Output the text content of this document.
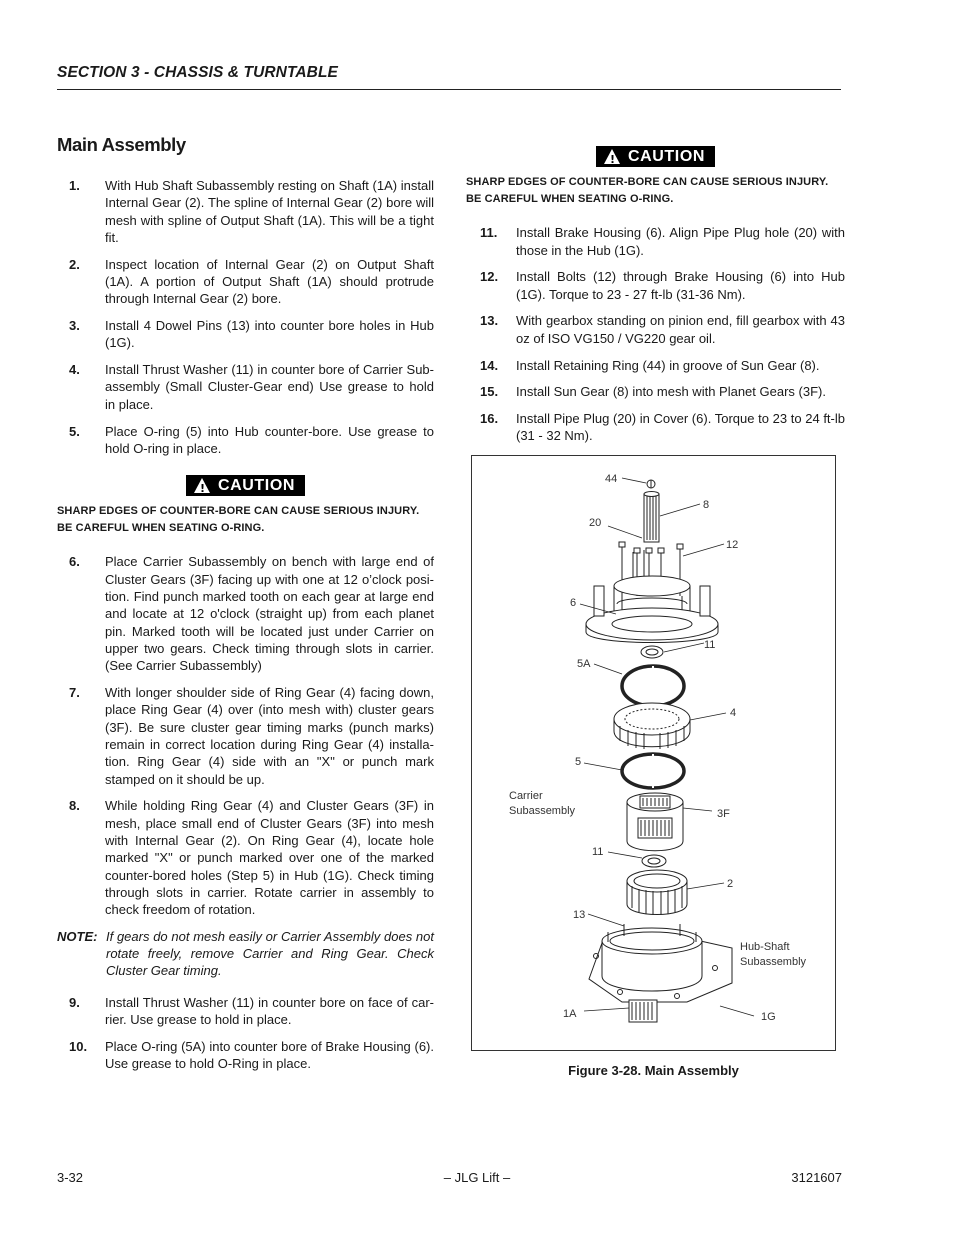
SECTION 3 - CHASSIS & TURNTABLE
Main Assembly
1.	With Hub Shaft Subassembly resting on Shaft (1A) install Internal Gear (2). The spline of Internal Gear (2) bore will mesh with spline of Output Shaft (1A). This will be a tight fit.
2.	Inspect location of Internal Gear (2) on Output Shaft (1A). A portion of Output Shaft (1A) should protrude through Internal Gear (2) bore.
3.	Install 4 Dowel Pins (13) into counter bore holes in Hub (1G).
4.	Install Thrust Washer (11) in counter bore of Carrier Sub-assembly (Small Cluster-Gear end) Use grease to hold in place.
5.	Place O-ring (5) into Hub counter-bore. Use grease to hold O-ring in place.
!
CAUTION
SHARP EDGES OF COUNTER-BORE CAN CAUSE SERIOUS INJURY. BE CAREFUL WHEN SEATING O-RING.
6.	Place Carrier Subassembly on bench with large end of Cluster Gears (3F) facing up with one at 12 o’clock posi-tion. Find punch marked tooth on each gear at large end and locate at 12 o'clock (straight up) from each planet pin. Marked tooth will be located just under Carrier on upper two gears. Check timing through slots in carrier. (See Carrier Subassembly)
7.	With longer shoulder side of Ring Gear (4) facing down, place Ring Gear (4) over (into mesh with) cluster gears (3F). Be sure cluster gear timing marks (punch marks) remain in correct location during Ring Gear (4) installa-tion. Ring Gear (4) side with an "X" or punch mark stamped on it should be up.
8.	While holding Ring Gear (4) and Cluster Gears (3F) in mesh, place small end of Cluster Gears (3F) into mesh with Internal Gear (2). On Ring Gear (4), locate hole marked "X" or punch marked over one of the marked counter-bored holes (Step 5) in Hub (1G). Check timing through slots in carrier. Rotate carrier in assembly to check freedom of rotation.
NOTE: If gears do not mesh easily or Carrier Assembly does not rotate freely, remove Carrier and Ring Gear. Check Cluster Gear timing.
9.	Install Thrust Washer (11) in counter bore on face of car-rier. Use grease to hold in place.
10.	Place O-ring (5A) into counter bore of Brake Housing (6). Use grease to hold O-Ring in place.
!
CAUTION
SHARP EDGES OF COUNTER-BORE CAN CAUSE SERIOUS INJURY. BE CAREFUL WHEN SEATING O-RING.
11.	Install Brake Housing (6). Align Pipe Plug hole (20) with those in the Hub (1G).
12.	Install Bolts (12) through Brake Housing (6) into Hub (1G). Torque to 23 - 27 ft-lb (31-36 Nm).
13.	With gearbox standing on pinion end, fill gearbox with 43 oz of ISO VG150 / VG220 gear oil.
14.	Install Retaining Ring (44) in groove of Sun Gear (8).
15.	Install Sun Gear (8) into mesh with Planet Gears (3F).
16.	Install Pipe Plug (20) in Cover (6). Torque to 23 to 24 ft-lb (31 - 32 Nm).
44
8
20
12
6
11
5A
4
5
Carrier
Subassembly	3F
11
2
13
Hub-Shaft
Subassembly
1A	1G
Figure 3-28. Main Assembly
3-32	– JLG Lift –	3121607
